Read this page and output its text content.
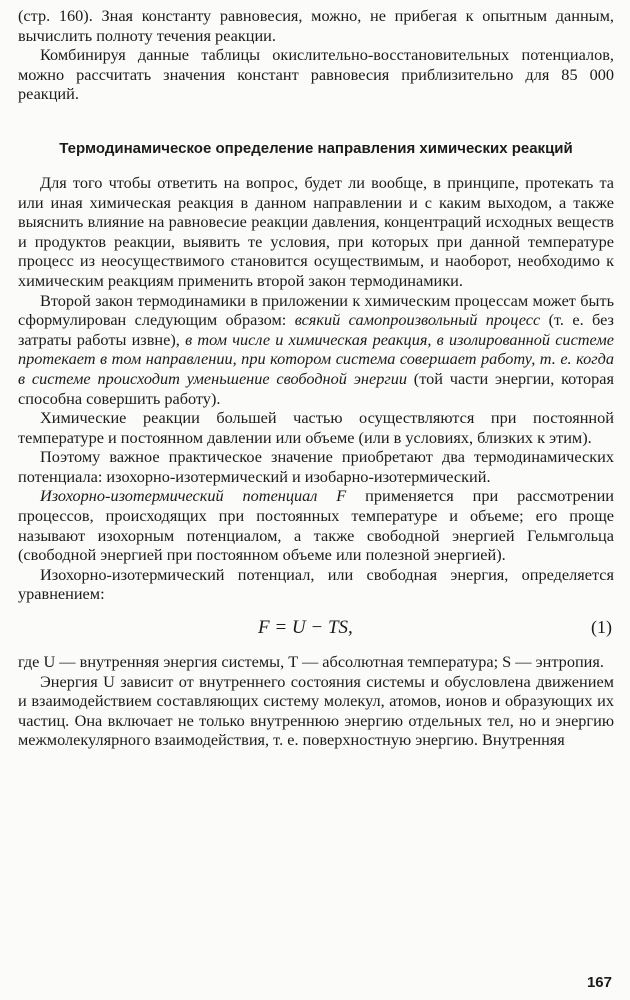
(стр. 160). Зная константу равновесия, можно, не прибегая к опытным данным, вычислить полноту течения реакции.

Комбинируя данные таблицы окислительно-восстановительных потенциалов, можно рассчитать значения констант равновесия приблизительно для 85 000 реакций.

Термодинамическое определение направления химических реакций

Для того чтобы ответить на вопрос, будет ли вообще, в принципе, протекать та или иная химическая реакция в данном направлении и с каким выходом, а также выяснить влияние на равновесие реакции давления, концентраций исходных веществ и продуктов реакции, выявить те условия, при которых при данной температуре процесс из неосуществимого становится осуществимым, и наоборот, необходимо к химическим реакциям применить второй закон термодинамики.

Второй закон термодинамики в приложении к химическим процессам может быть сформулирован следующим образом: всякий самопроизвольный процесс (т. е. без затраты работы извне), в том числе и химическая реакция, в изолированной системе протекает в том направлении, при котором система совершает работу, т. е. когда в системе происходит уменьшение свободной энергии (той части энергии, которая способна совершить работу).

Химические реакции большей частью осуществляются при постоянной температуре и постоянном давлении или объеме (или в условиях, близких к этим).

Поэтому важное практическое значение приобретают два термодинамических потенциала: изохорно-изотермический и изобарно-изотермический.

Изохорно-изотермический потенциал F применяется при рассмотрении процессов, происходящих при постоянных температуре и объеме; его проще называют изохорным потенциалом, а также свободной энергией Гельмгольца (свободной энергией при постоянном объеме или полезной энергией).

Изохорно-изотермический потенциал, или свободная энергия, определяется уравнением:

F = U − TS,	(1)

где U — внутренняя энергия системы, T — абсолютная температура; S — энтропия.

Энергия U зависит от внутреннего состояния системы и обусловлена движением и взаимодействием составляющих систему молекул, атомов, ионов и образующих их частиц. Она включает не только внутреннюю энергию отдельных тел, но и энергию межмолекулярного взаимодействия, т. е. поверхностную энергию. Внутренняя

167
